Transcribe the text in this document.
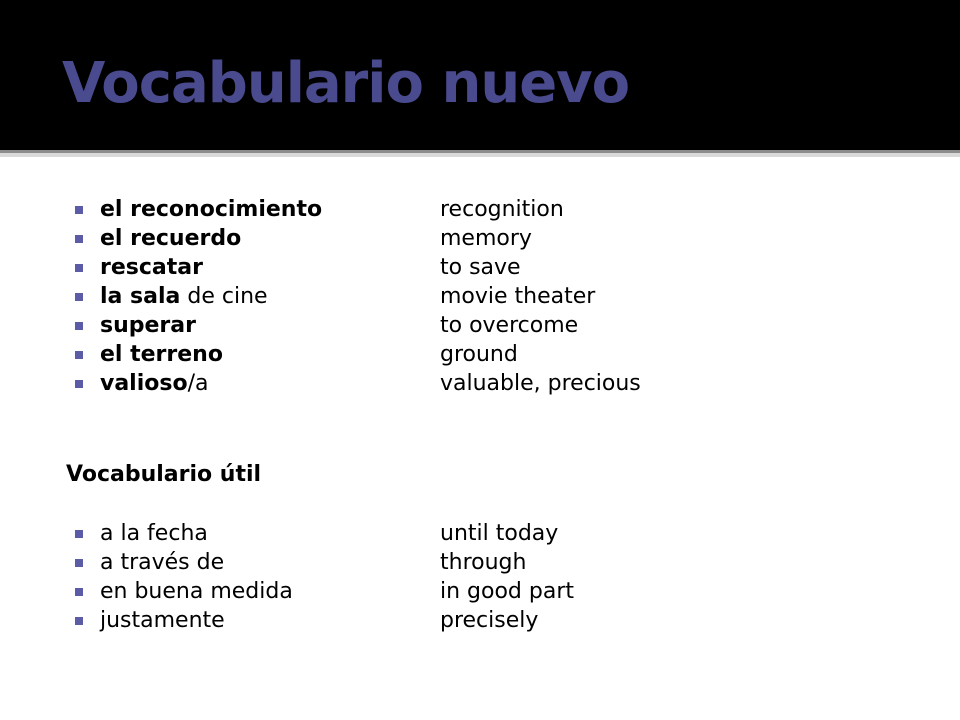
Vocabulario nuevo
el reconocimiento	recognition
el recuerdo	memory
rescatar	to save
la sala de cine	movie theater
superar	to overcome
el terreno	ground
valioso/a	valuable, precious
Vocabulario útil
a la fecha	until today
a través de	through
en buena medida	in good part
justamente	precisely
